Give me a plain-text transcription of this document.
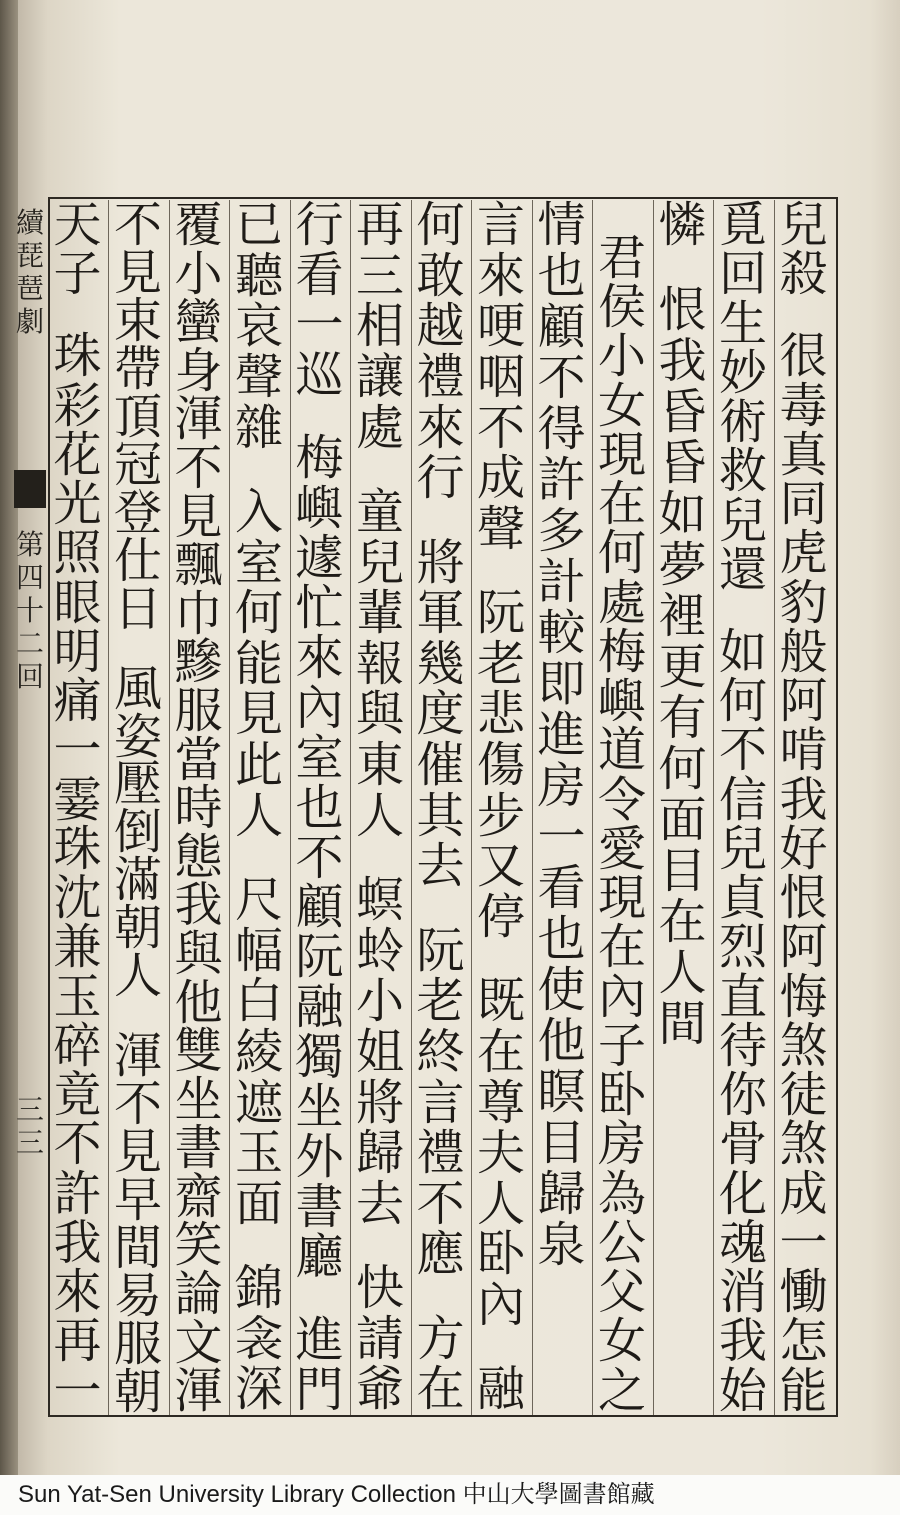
續
琵
琶
劇
第
四
十
二
回
三
三
兒
殺
很
毒
真
同
虎
豹
般
阿
啃
我
好
恨
阿
悔
煞
徒
煞
成
一
慟
怎
能
覓
回
生
妙
術
救
兒
還
如
何
不
信
兒
貞
烈
直
待
你
骨
化
魂
消
我
始
憐
恨
我
昏
昏
如
夢
裡
更
有
何
面
目
在
人
間
君
侯
小
女
現
在
何
處
梅
嶼
道
令
愛
現
在
內
子
卧
房
為
公
父
女
之
情
也
顧
不
得
許
多
計
較
即
進
房
一
看
也
使
他
瞑
目
歸
泉
言
來
哽
咽
不
成
聲
阮
老
悲
傷
步
又
停
既
在
尊
夫
人
卧
內
融
何
敢
越
禮
來
行
將
軍
幾
度
催
其
去
阮
老
終
言
禮
不
應
方
在
再
三
相
讓
處
童
兒
輩
報
與
東
人
螟
蛉
小
姐
將
歸
去
快
請
爺
行
看
一
巡
梅
嶼
遽
忙
來
內
室
也
不
顧
阮
融
獨
坐
外
書
廳
進
門
已
聽
哀
聲
雜
入
室
何
能
見
此
人
尺
幅
白
綾
遮
玉
面
錦
衾
深
覆
小
蠻
身
渾
不
見
飄
巾
黲
服
當
時
態
我
與
他
雙
坐
書
齋
笑
論
文
渾
不
見
束
帶
頂
冠
登
仕
日
風
姿
壓
倒
滿
朝
人
渾
不
見
早
間
易
服
朝
天
子
珠
彩
花
光
照
眼
明
痛
一
霎
珠
沈
兼
玉
碎
竟
不
許
我
來
再
一
Sun Yat-Sen University Library Collection 中山大學圖書館藏
